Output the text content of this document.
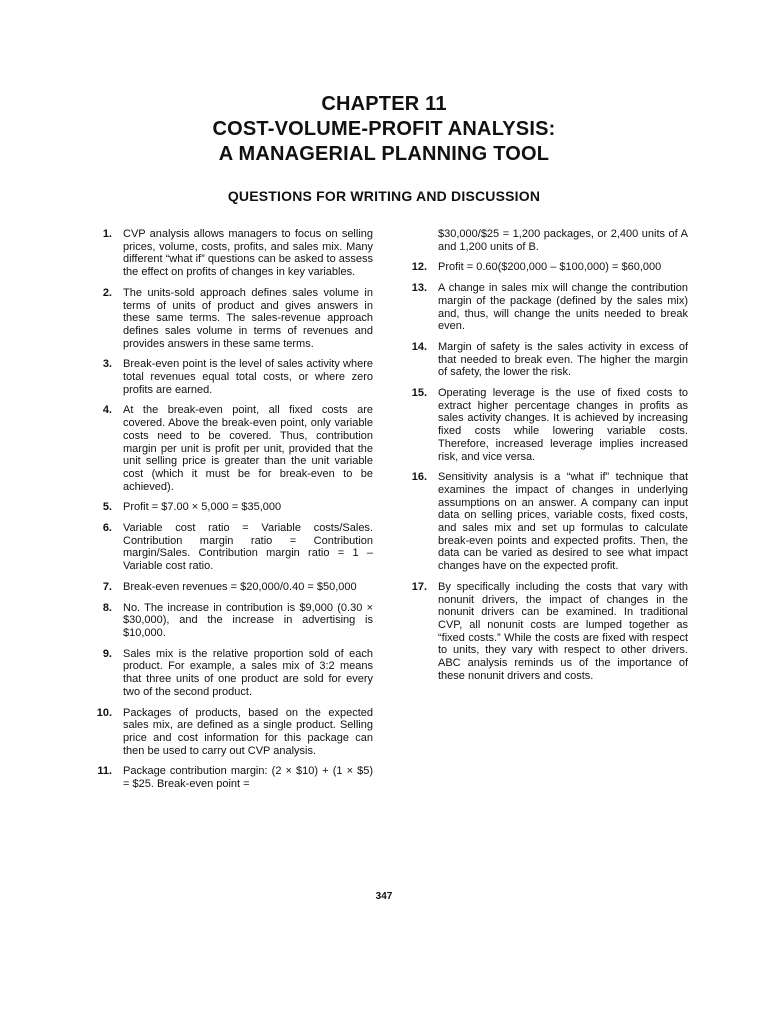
CHAPTER 11
COST-VOLUME-PROFIT ANALYSIS:
A MANAGERIAL PLANNING TOOL
QUESTIONS FOR WRITING AND DISCUSSION
1. CVP analysis allows managers to focus on selling prices, volume, costs, profits, and sales mix. Many different “what if” questions can be asked to assess the effect on profits of changes in key variables.
2. The units-sold approach defines sales volume in terms of units of product and gives answers in these same terms. The sales-revenue approach defines sales volume in terms of revenues and provides answers in these same terms.
3. Break-even point is the level of sales activity where total revenues equal total costs, or where zero profits are earned.
4. At the break-even point, all fixed costs are covered. Above the break-even point, only variable costs need to be covered. Thus, contribution margin per unit is profit per unit, provided that the unit selling price is greater than the unit variable cost (which it must be for break-even to be achieved).
5. Profit = $7.00 × 5,000 = $35,000
6. Variable cost ratio = Variable costs/Sales. Contribution margin ratio = Contribution margin/Sales. Contribution margin ratio = 1 – Variable cost ratio.
7. Break-even revenues = $20,000/0.40 = $50,000
8. No. The increase in contribution is $9,000 (0.30 × $30,000), and the increase in advertising is $10,000.
9. Sales mix is the relative proportion sold of each product. For example, a sales mix of 3:2 means that three units of one product are sold for every two of the second product.
10. Packages of products, based on the expected sales mix, are defined as a single product. Selling price and cost information for this package can then be used to carry out CVP analysis.
11. Package contribution margin: (2 × $10) + (1 × $5) = $25. Break-even point =
$30,000/$25 = 1,200 packages, or 2,400 units of A and 1,200 units of B.
12. Profit = 0.60($200,000 – $100,000) = $60,000
13. A change in sales mix will change the contribution margin of the package (defined by the sales mix) and, thus, will change the units needed to break even.
14. Margin of safety is the sales activity in excess of that needed to break even. The higher the margin of safety, the lower the risk.
15. Operating leverage is the use of fixed costs to extract higher percentage changes in profits as sales activity changes. It is achieved by increasing fixed costs while lowering variable costs. Therefore, increased leverage implies increased risk, and vice versa.
16. Sensitivity analysis is a “what if” technique that examines the impact of changes in underlying assumptions on an answer. A company can input data on selling prices, variable costs, fixed costs, and sales mix and set up formulas to calculate break-even points and expected profits. Then, the data can be varied as desired to see what impact changes have on the expected profit.
17. By specifically including the costs that vary with nonunit drivers, the impact of changes in the nonunit drivers can be examined. In traditional CVP, all nonunit costs are lumped together as “fixed costs.” While the costs are fixed with respect to units, they vary with respect to other drivers. ABC analysis reminds us of the importance of these nonunit drivers and costs.
347
